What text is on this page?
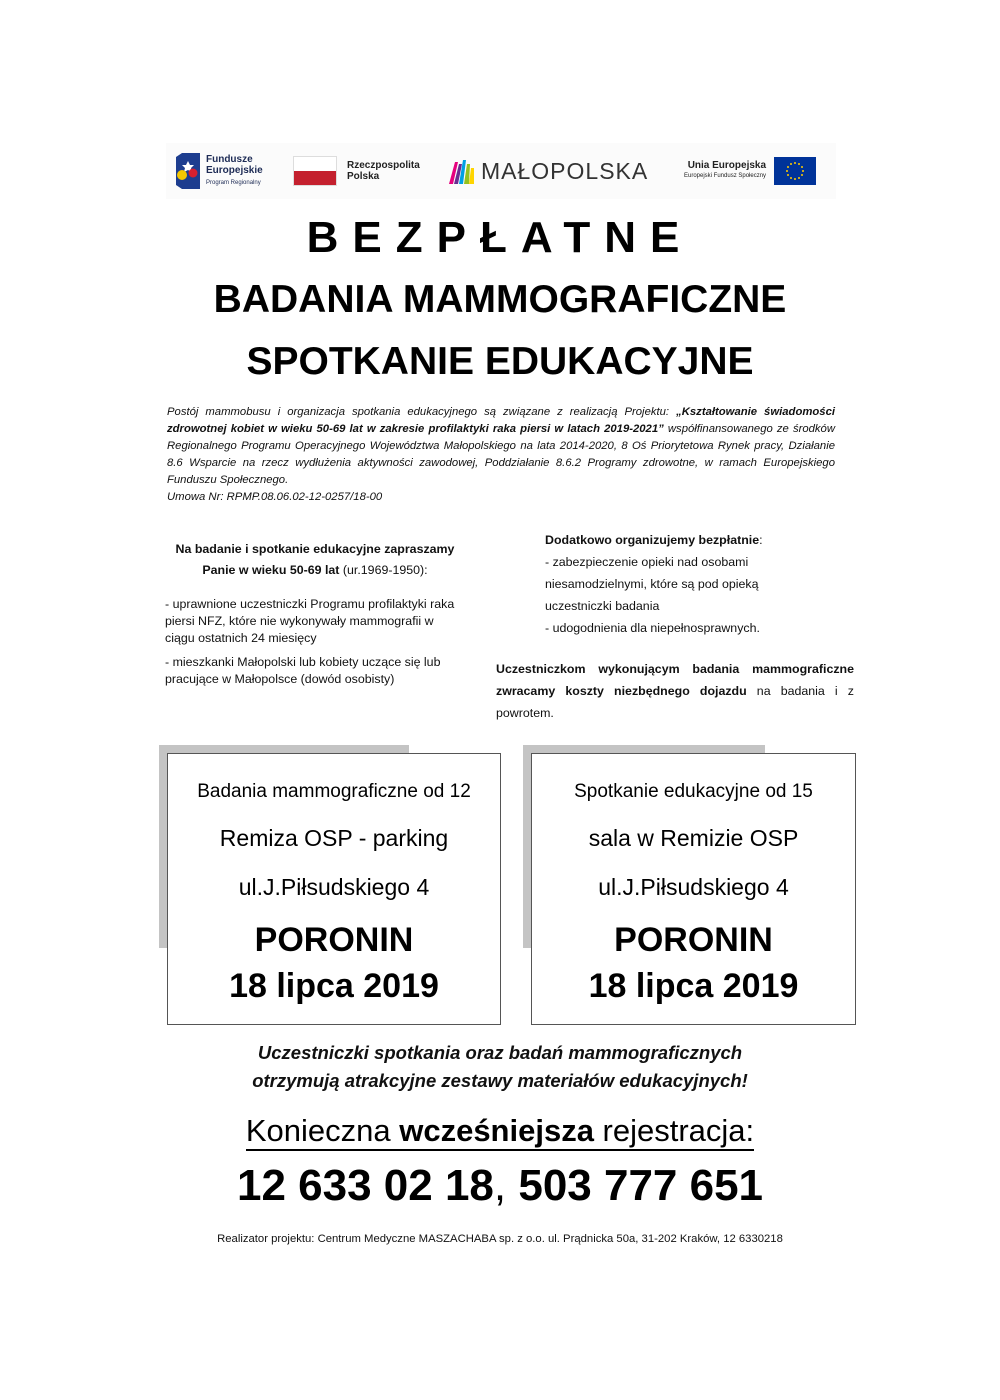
Fundusze
Europejskie
Program Regionalny
Rzeczpospolita
Polska	MAŁOPOLSKA	Unia Europejska
Europejski Fundusz Społeczny
BEZPŁATNE
BADANIA MAMMOGRAFICZNE
SPOTKANIE EDUKACYJNE
Postój mammobusu i organizacja spotkania edukacyjnego są związane z realizacją Projektu: „Kształtowanie świadomości zdrowotnej kobiet w wieku 50-69 lat w zakresie profilaktyki raka piersi w latach 2019-2021” współfinansowanego ze środków Regionalnego Programu Operacyjnego Województwa Małopolskiego na lata 2014-2020, 8 Oś Priorytetowa Rynek pracy, Działanie 8.6 Wsparcie na rzecz wydłużenia aktywności zawodowej, Poddziałanie 8.6.2 Programy zdrowotne, w ramach Europejskiego Funduszu Społecznego.
Umowa Nr: RPMP.08.06.02-12-0257/18-00

Na badanie i spotkanie edukacyjne zapraszamy

Panie w wieku 50-69 lat (ur.1969-1950):

- uprawnione uczestniczki Programu profilaktyki raka piersi NFZ, które nie wykonywały mammografii w ciągu ostatnich 24 miesięcy

- mieszkanki Małopolski lub kobiety uczące się lub pracujące w Małopolsce (dowód osobisty)

Dodatkowo organizujemy bezpłatnie:

- zabezpieczenie opieki nad osobami niesamodzielnymi, które są pod opieką uczestniczki badania

- udogodnienia dla niepełnosprawnych.

Uczestniczkom wykonującym badania mammograficzne zwracamy koszty niezbędnego dojazdu na badania i z powrotem.

Badania mammograficzne od 12
Remiza OSP - parking
ul.J.Piłsudskiego 4
PORONIN
18 lipca 2019
Spotkanie edukacyjne od 15
sala w Remizie OSP
ul.J.Piłsudskiego 4
PORONIN
18 lipca 2019
Uczestniczki spotkania oraz badań mammograficznych
otrzymują atrakcyjne zestawy materiałów edukacyjnych!
Konieczna wcześniejsza rejestracja:
12 633 02 18, 503 777 651
Realizator projektu: Centrum Medyczne MASZACHABA sp. z o.o. ul. Prądnicka 50a, 31-202 Kraków, 12 6330218
